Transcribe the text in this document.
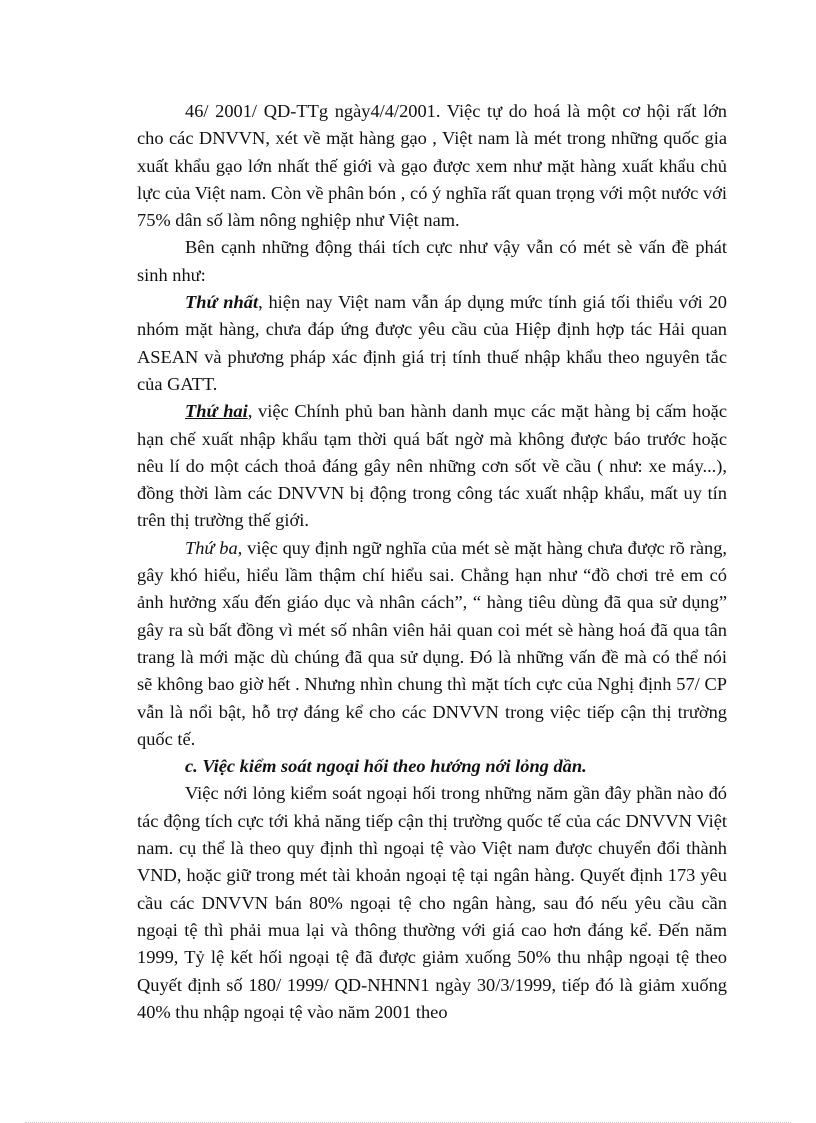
46/ 2001/ QD-TTg ngày4/4/2001. Việc tự do hoá là một cơ hội rất lớn cho các DNVVN, xét về mặt hàng gạo , Việt nam là mét trong những quốc gia xuất khẩu gạo lớn nhất thế giới và gạo được xem như mặt hàng xuất khẩu chủ lực của Việt nam. Còn về phân bón , có ý nghĩa rất quan trọng với một nước với 75% dân số làm nông nghiệp như Việt nam.

Bên cạnh những động thái tích cực như vậy vẫn có mét sè vấn đề phát sinh như:

Thứ nhất, hiện nay Việt nam vẫn áp dụng mức tính giá tối thiểu với 20 nhóm mặt hàng, chưa đáp ứng được yêu cầu của Hiệp định hợp tác Hải quan ASEAN và phương pháp xác định giá trị tính thuế nhập khẩu theo nguyên tắc của GATT.

Thứ hai, việc Chính phủ ban hành danh mục các mặt hàng bị cấm hoặc hạn chế xuất nhập khẩu tạm thời quá bất ngờ mà không được báo trước hoặc nêu lí do một cách thoả đáng gây nên những cơn sốt về cầu ( như: xe máy...), đồng thời làm các DNVVN bị động trong công tác xuất nhập khẩu, mất uy tín trên thị trường thế giới.

Thứ ba, việc quy định ngữ nghĩa của mét sè mặt hàng chưa được rõ ràng, gây khó hiểu, hiểu lầm thậm chí hiểu sai. Chẳng hạn như “đồ chơi trẻ em có ảnh hưởng xấu đến giáo dục và nhân cách”, “ hàng tiêu dùng đã qua sử dụng” gây ra sù bất đồng vì mét số nhân viên hải quan coi mét sè hàng hoá đã qua tân trang là mới mặc dù chúng đã qua sử dụng. Đó là những vấn đề mà có thể nói sẽ không bao giờ hết . Nhưng nhìn chung thì mặt tích cực của Nghị định 57/ CP vẫn là nổi bật, hỗ trợ đáng kể cho các DNVVN trong việc tiếp cận thị trường quốc tế.

c. Việc kiểm soát ngoại hối theo hướng nới lỏng dần.

Việc nới lỏng kiểm soát ngoại hối trong những năm gần đây phần nào đó tác động tích cực tới khả năng tiếp cận thị trường quốc tế của các DNVVN Việt nam. cụ thể là theo quy định thì ngoại tệ vào Việt nam được chuyển đổi thành VND, hoặc giữ trong mét tài khoản ngoại tệ tại ngân hàng. Quyết định 173 yêu cầu các DNVVN bán 80% ngoại tệ cho ngân hàng, sau đó nếu yêu cầu cần ngoại tệ thì phải mua lại và thông thường với giá cao hơn đáng kể. Đến năm 1999, Tỷ lệ kết hối ngoại tệ đã được giảm xuống 50% thu nhập ngoại tệ theo Quyết định số 180/ 1999/ QD-NHNN1 ngày 30/3/1999, tiếp đó là giảm xuống 40% thu nhập ngoại tệ vào năm 2001 theo
